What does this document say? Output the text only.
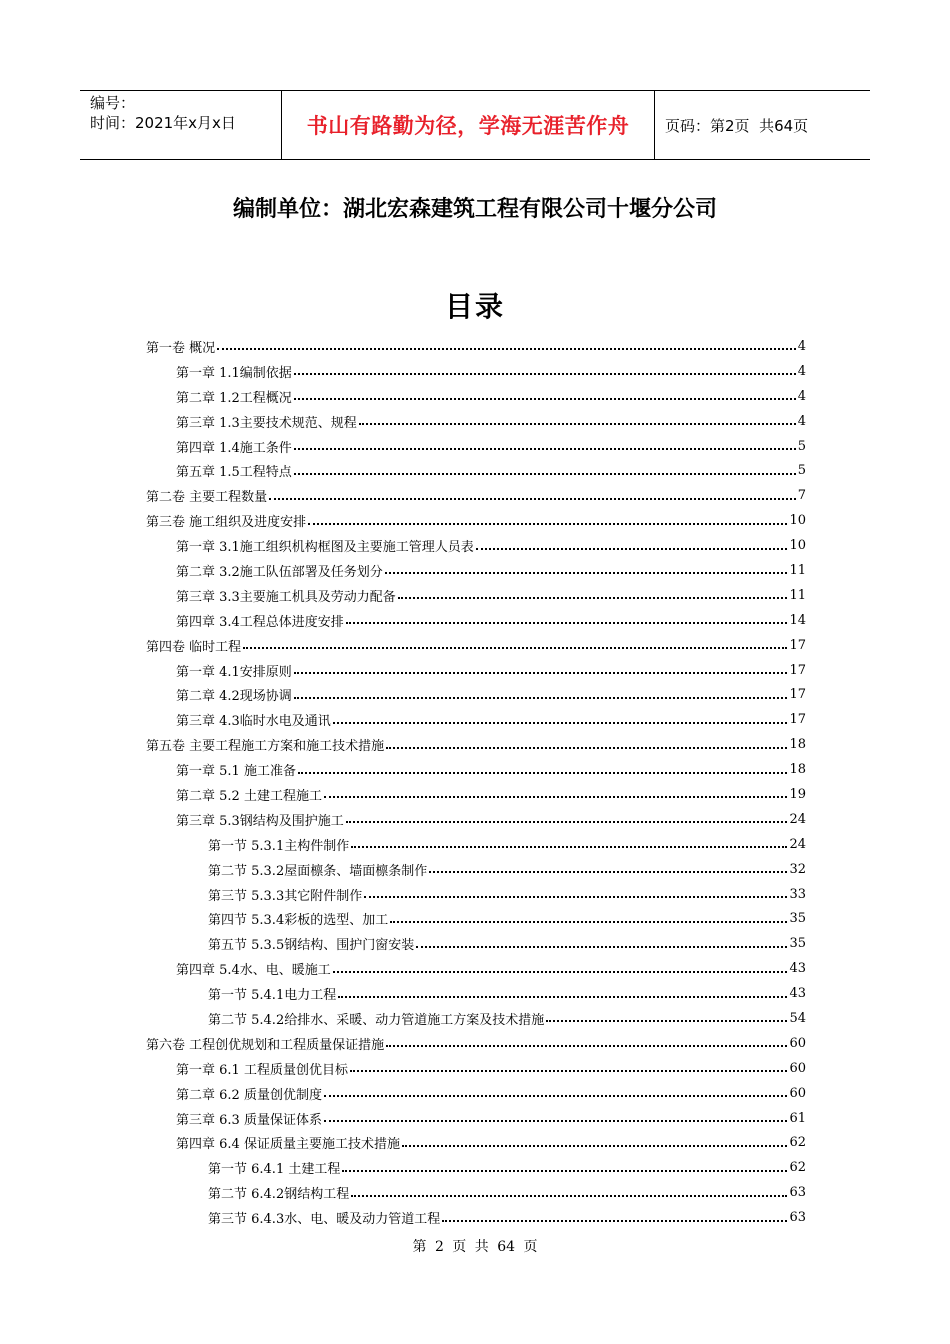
编号：
时间：2021年x月x日	书山有路勤为径，学海无涯苦作舟 页码：第2页  共64页
编制单位：湖北宏森建筑工程有限公司十堰分公司
目录
第一卷 概况	4
第一章 1.1编制依据	4
第二章 1.2工程概况	4
第三章 1.3主要技术规范、规程	4
第四章 1.4施工条件	5
第五章 1.5工程特点	5
第二卷 主要工程数量	7
第三卷 施工组织及进度安排	10
第一章 3.1施工组织机构框图及主要施工管理人员表	10
第二章 3.2施工队伍部署及任务划分	11
第三章 3.3主要施工机具及劳动力配备	11
第四章 3.4工程总体进度安排	14
第四卷 临时工程	17
第一章 4.1安排原则	17
第二章 4.2现场协调	17
第三章 4.3临时水电及通讯	17
第五卷 主要工程施工方案和施工技术措施	18
第一章 5.1 施工准备	18
第二章 5.2 土建工程施工	19
第三章 5.3钢结构及围护施工	24
第一节 5.3.1主构件制作	24
第二节 5.3.2屋面檩条、墙面檩条制作	32
第三节 5.3.3其它附件制作	33
第四节 5.3.4彩板的选型、加工	35
第五节 5.3.5钢结构、围护门窗安装	35
第四章 5.4水、电、暖施工	43
第一节 5.4.1电力工程	43
第二节 5.4.2给排水、采暖、动力管道施工方案及技术措施	54
第六卷 工程创优规划和工程质量保证措施	60
第一章 6.1 工程质量创优目标	60
第二章 6.2 质量创优制度	60
第三章 6.3 质量保证体系	61
第四章 6.4 保证质量主要施工技术措施	62
第一节 6.4.1 土建工程	62
第二节 6.4.2钢结构工程	63
第三节 6.4.3水、电、暖及动力管道工程	63
第 2 页 共 64 页
